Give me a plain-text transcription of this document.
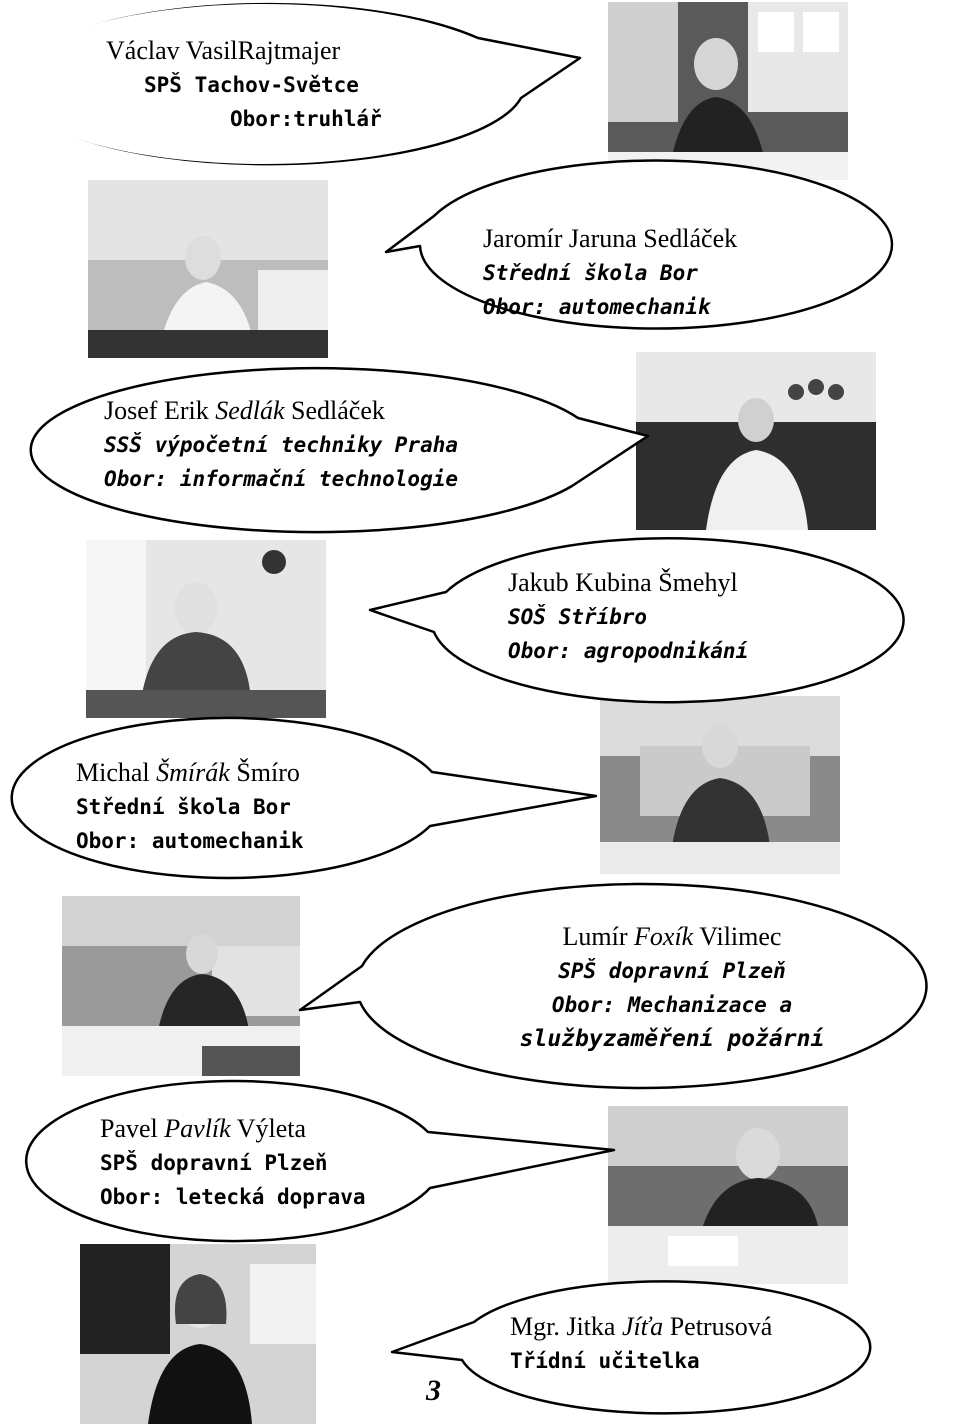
Václav VasilRajtmajer
SPŠ Tachov-Světce
Obor:truhlář
Jaromír Jaruna Sedláček
Střední škola Bor
Obor: automechanik
Josef Erik Sedlák Sedláček
SSŠ výpočetní techniky Praha
Obor: informační technologie
Jakub Kubina Šmehyl
SOŠ Stříbro
Obor: agropodnikání
Michal Šmírák Šmíro
Střední škola Bor
Obor: automechanik
Lumír Foxík Vilimec
SPŠ dopravní Plzeň
Obor: Mechanizace a
službyzaměření požární
Pavel Pavlík Výleta
SPŠ dopravní Plzeň
Obor: letecká doprava
Mgr. Jitka Jíťa Petrusová
Třídní učitelka
3
